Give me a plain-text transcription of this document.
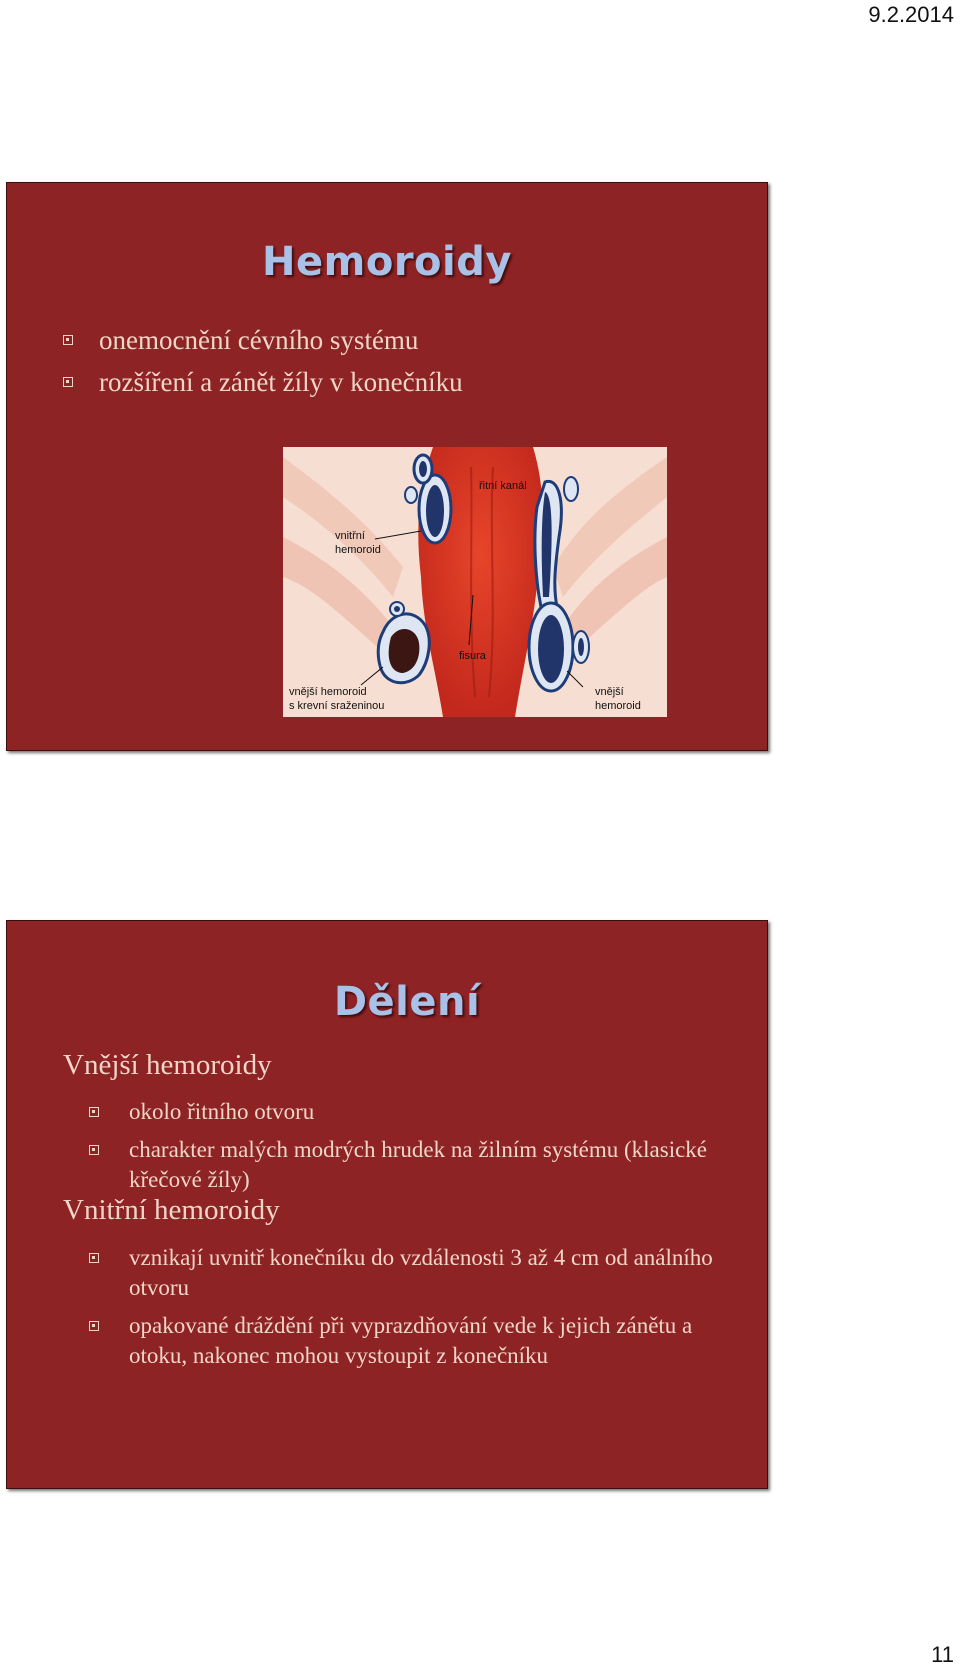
9.2.2014
Hemoroidy
onemocnění cévního systému
rozšíření a zánět žíly v konečníku
řitní kanál
vnitřní
hemoroid
fisura
vnější hemoroid
s krevní sraženinou
vnější
hemoroid
Dělení
Vnější hemoroidy
okolo řitního otvoru
charakter malých modrých hrudek na žilním systému (klasické křečové žíly)
Vnitřní hemoroidy
vznikají uvnitř konečníku do vzdálenosti 3 až 4 cm od análního otvoru
opakované dráždění při vyprazdňování vede k jejich zánětu a otoku, nakonec mohou vystoupit z konečníku
11
